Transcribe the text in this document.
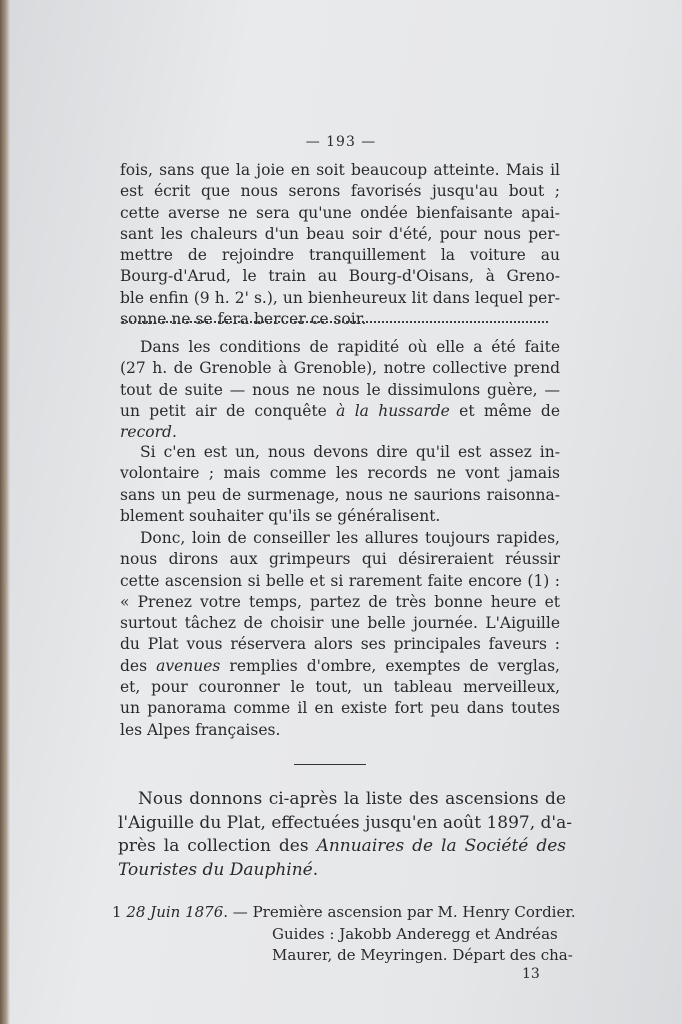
— 193 —
fois, sans que la joie en soit beaucoup atteinte. Mais il
est écrit que nous serons favorisés jusqu'au bout ;
cette averse ne sera qu'une ondée bienfaisante apai-
sant les chaleurs d'un beau soir d'été, pour nous per-
mettre de rejoindre tranquillement la voiture au
Bourg-d'Arud, le train au Bourg-d'Oisans, à Greno-
ble enfin (9 h. 2' s.), un bienheureux lit dans lequel per-
sonne ne se fera bercer ce soir.
Dans les conditions de rapidité où elle a été faite
(27 h. de Grenoble à Grenoble), notre collective prend
tout de suite — nous ne nous le dissimulons guère, —
un petit air de conquête à la hussarde et même de
record.
Si c'en est un, nous devons dire qu'il est assez in-
volontaire ; mais comme les records ne vont jamais
sans un peu de surmenage, nous ne saurions raisonna-
blement souhaiter qu'ils se généralisent.
Donc, loin de conseiller les allures toujours rapides,
nous dirons aux grimpeurs qui désireraient réussir
cette ascension si belle et si rarement faite encore (1) :
« Prenez votre temps, partez de très bonne heure et
surtout tâchez de choisir une belle journée. L'Aiguille
du Plat vous réservera alors ses principales faveurs :
des avenues remplies d'ombre, exemptes de verglas,
et, pour couronner le tout, un tableau merveilleux,
un panorama comme il en existe fort peu dans toutes
les Alpes françaises.
Nous donnons ci-après la liste des ascensions de
l'Aiguille du Plat, effectuées jusqu'en août 1897, d'a-
près la collection des Annuaires de la Société des
Touristes du Dauphiné.
1 28 Juin 1876. — Première ascension par M. Henry Cordier.
Guides : Jakobb Anderegg et Andréas
Maurer, de Meyringen. Départ des cha-
13
